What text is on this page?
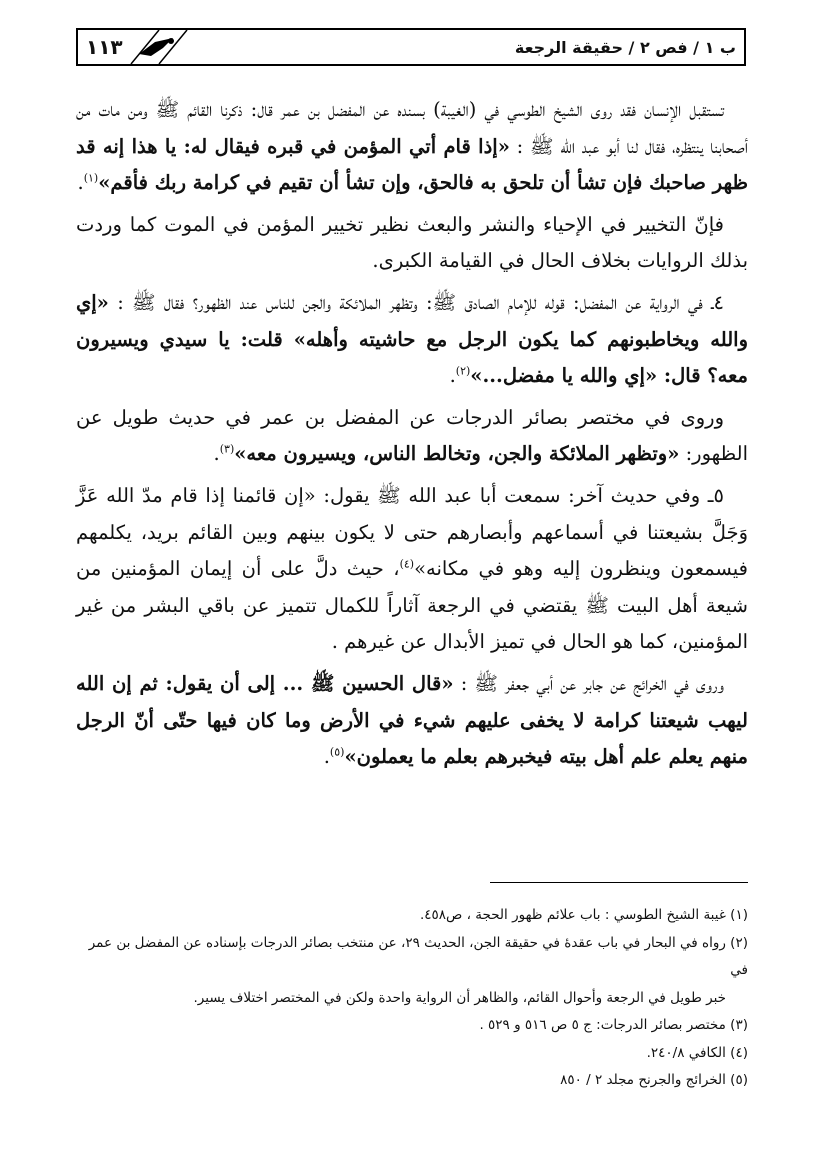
ب ١ / فص ٢ / حقيقة الرجعة
١١٣

تستقبل الإنسان فقد روى الشيخ الطوسي في (الغيبة) بسنده عن المفضل بن عمر قال: ذكرنا القائم ﷺ ومن مات من أصحابنا ينتظره، فقال لنا أبو عبد الله ﷺ : «إذا قام أتي المؤمن في قبره فيقال له: يا هذا إنه قد ظهر صاحبك فإن تشأ أن تلحق به فالحق، وإن تشأ أن تقيم في كرامة ربك فأقم»$^{(١)}$.

فإنّ التخيير في الإحياء والنشر والبعث نظير تخيير المؤمن في الموت كما وردت بذلك الروايات بخلاف الحال في القيامة الكبرى.

٤ـ في الرواية عن المفضل: قوله للإمام الصادق ﷺ: وتظهر الملائكة والجن للناس عند الظهور؟ فقال ﷺ : «إي والله ويخاطبونهم كما يكون الرجل مع حاشيته وأهله» قلت: يا سيدي ويسيرون معه؟ قال: «إي والله يا مفضل...»$^{(٢)}$.

وروى في مختصر بصائر الدرجات عن المفضل بن عمر في حديث طويل عن الظهور: «وتظهر الملائكة والجن، وتخالط الناس، ويسيرون معه»$^{(٣)}$.

٥ـ وفي حديث آخر: سمعت أبا عبد الله ﷺ يقول: «إن قائمنا إذا قام مدّ الله عَزَّ وَجَلَّ بشيعتنا في أسماعهم وأبصارهم حتى لا يكون بينهم وبين القائم بريد، يكلمهم فيسمعون وينظرون إليه وهو في مكانه»$^{(٤)}$، حيث دلَّ على أن إيمان المؤمنين من شيعة أهل البيت ﷺ يقتضي في الرجعة آثاراً للكمال تتميز عن باقي البشر من غير المؤمنين، كما هو الحال في تميز الأبدال عن غيرهم .

وروى في الخرائج عن جابر عن أبي جعفر ﷺ : «قال الحسين ﷺ ... إلى أن يقول: ثم إن الله ليهب شيعتنا كرامة لا يخفى عليهم شيء في الأرض وما كان فيها حتّى أنّ الرجل منهم يعلم علم أهل بيته فيخبرهم بعلم ما يعملون»$^{(٥)}$.

(١) غيبة الشيخ الطوسي : باب علائم ظهور الحجة ، ص٤٥٨.

(٢) رواه في البحار في باب عقدهٔ في حقيقة الجن، الحديث ٢٩، عن منتخب بصائر الدرجات بإسناده عن المفضل بن عمر في

خبر طويل في الرجعة وأحوال القائم، والظاهر أن الرواية واحدة ولكن في المختصر اختلاف يسير.

(٣) مختصر بصائر الدرجات: ج ٥ ص ٥١٦ و ٥٢٩ .

(٤) الكافي ٢٤٠/٨.

(٥) الخرائج والجرنح مجلد ٢ / ٨٥٠
